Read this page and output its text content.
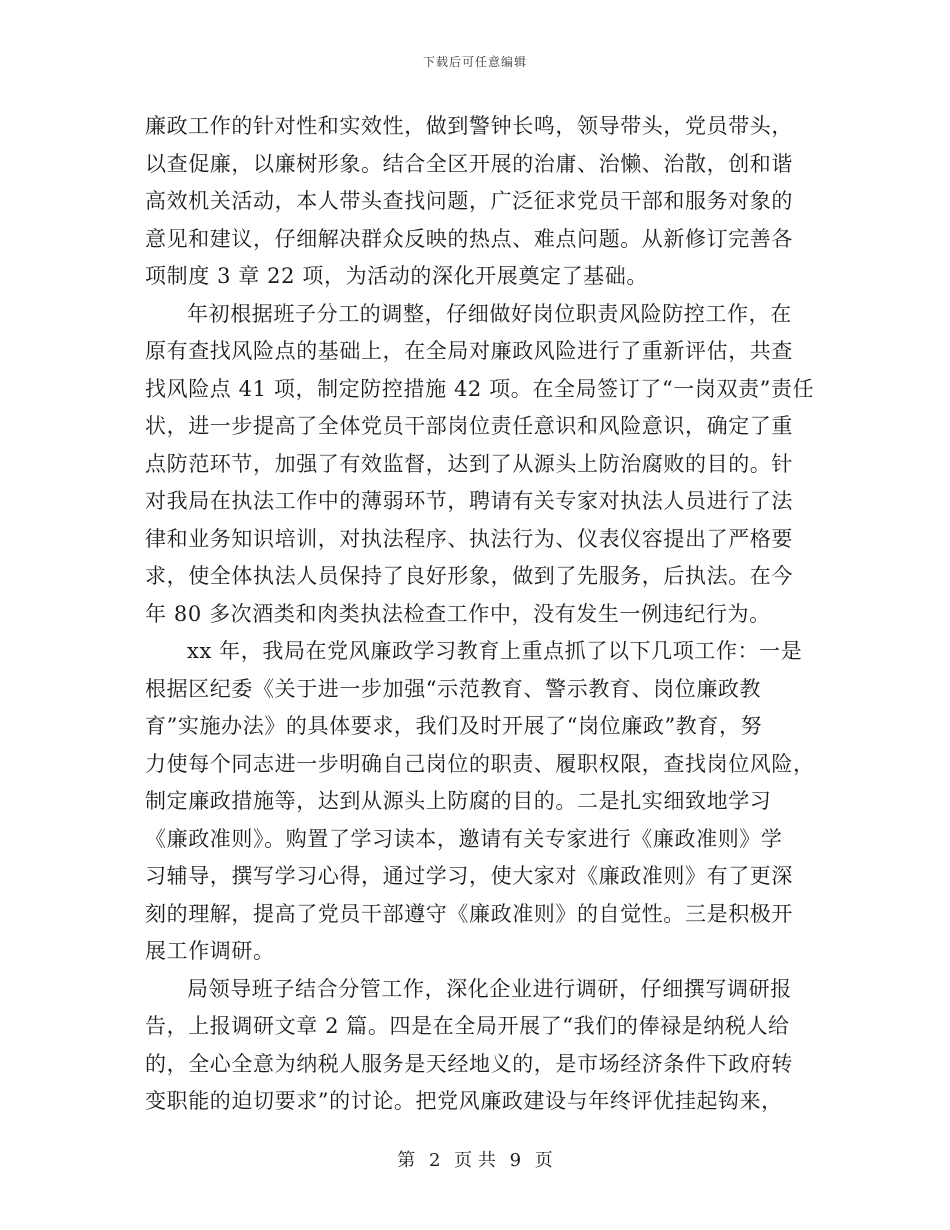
下载后可任意编辑
廉政工作的针对性和实效性，做到警钟长鸣，领导带头，党员带头，
以查促廉，以廉树形象。结合全区开展的治庸、治懒、治散，创和谐
高效机关活动，本人带头查找问题，广泛征求党员干部和服务对象的
意见和建议，仔细解决群众反映的热点、难点问题。从新修订完善各
项制度 3 章 22 项，为活动的深化开展奠定了基础。
年初根据班子分工的调整，仔细做好岗位职责风险防控工作，在
原有查找风险点的基础上，在全局对廉政风险进行了重新评估，共查
找风险点 41 项，制定防控措施 42 项。在全局签订了“一岗双责”责任
状，进一步提高了全体党员干部岗位责任意识和风险意识，确定了重
点防范环节，加强了有效监督，达到了从源头上防治腐败的目的。针
对我局在执法工作中的薄弱环节，聘请有关专家对执法人员进行了法
律和业务知识培训，对执法程序、执法行为、仪表仪容提出了严格要
求，使全体执法人员保持了良好形象，做到了先服务，后执法。在今
年 80 多次酒类和肉类执法检查工作中，没有发生一例违纪行为。
xx 年，我局在党风廉政学习教育上重点抓了以下几项工作：一是
根据区纪委《关于进一步加强“示范教育、警示教育、岗位廉政教
育”实施办法》的具体要求，我们及时开展了“岗位廉政”教育，努
力使每个同志进一步明确自己岗位的职责、履职权限，查找岗位风险，
制定廉政措施等，达到从源头上防腐的目的。二是扎实细致地学习
《廉政准则》。购置了学习读本，邀请有关专家进行《廉政准则》学
习辅导，撰写学习心得，通过学习，使大家对《廉政准则》有了更深
刻的理解，提高了党员干部遵守《廉政准则》的自觉性。三是积极开
展工作调研。
局领导班子结合分管工作，深化企业进行调研，仔细撰写调研报
告，上报调研文章 2 篇。四是在全局开展了“我们的俸禄是纳税人给
的，全心全意为纳税人服务是天经地义的，是市场经济条件下政府转
变职能的迫切要求”的讨论。把党风廉政建设与年终评优挂起钩来，
第 2 页 共 9 页
